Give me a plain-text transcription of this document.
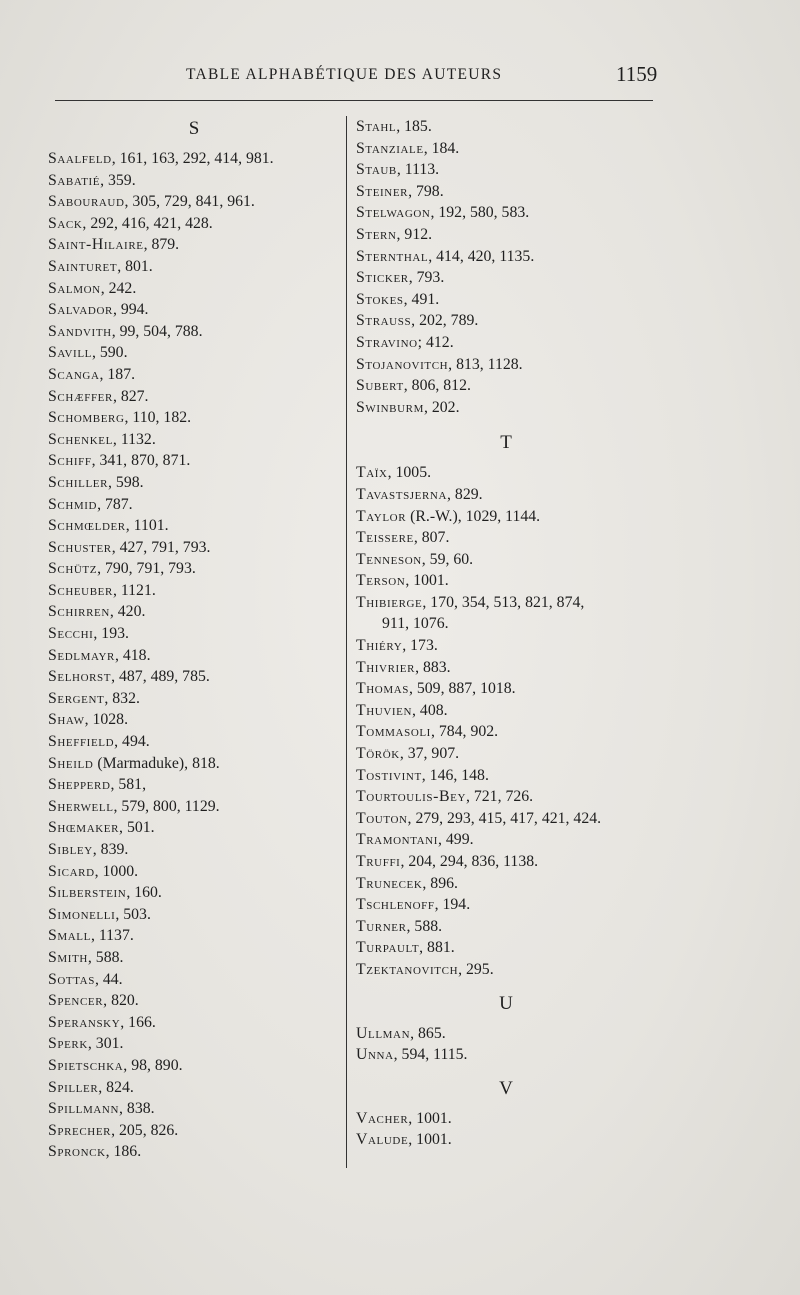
TABLE ALPHABÉTIQUE DES AUTEURS	1159
S
Saalfeld, 161, 163, 292, 414, 981.
Sabatié, 359.
Sabouraud, 305, 729, 841, 961.
Sack, 292, 416, 421, 428.
Saint-Hilaire, 879.
Sainturet, 801.
Salmon, 242.
Salvador, 994.
Sandvith, 99, 504, 788.
Savill, 590.
Scanga, 187.
Schæffer, 827.
Schomberg, 110, 182.
Schenkel, 1132.
Schiff, 341, 870, 871.
Schiller, 598.
Schmid, 787.
Schmœlder, 1101.
Schuster, 427, 791, 793.
Schütz, 790, 791, 793.
Scheuber, 1121.
Schirren, 420.
Secchi, 193.
Sedlmayr, 418.
Selhorst, 487, 489, 785.
Sergent, 832.
Shaw, 1028.
Sheffield, 494.
Sheild (Marmaduke), 818.
Shepperd, 581,
Sherwell, 579, 800, 1129.
Shœmaker, 501.
Sibley, 839.
Sicard, 1000.
Silberstein, 160.
Simonelli, 503.
Small, 1137.
Smith, 588.
Sottas, 44.
Spencer, 820.
Speransky, 166.
Sperk, 301.
Spietschka, 98, 890.
Spiller, 824.
Spillmann, 838.
Sprecher, 205, 826.
Spronck, 186.
Stahl, 185.
Stanziale, 184.
Staub, 1113.
Steiner, 798.
Stelwagon, 192, 580, 583.
Stern, 912.
Sternthal, 414, 420, 1135.
Sticker, 793.
Stokes, 491.
Strauss, 202, 789.
Stravino; 412.
Stojanovitch, 813, 1128.
Subert, 806, 812.
Swinburm, 202.
T
Taïx, 1005.
Tavastsjerna, 829.
Taylor (R.-W.), 1029, 1144.
Teissere, 807.
Tenneson, 59, 60.
Terson, 1001.
Thibierge, 170, 354, 513, 821, 874,
911, 1076.
Thiéry, 173.
Thivrier, 883.
Thomas, 509, 887, 1018.
Thuvien, 408.
Tommasoli, 784, 902.
Török, 37, 907.
Tostivint, 146, 148.
Tourtoulis-Bey, 721, 726.
Touton, 279, 293, 415, 417, 421, 424.
Tramontani, 499.
Truffi, 204, 294, 836, 1138.
Trunecek, 896.
Tschlenoff, 194.
Turner, 588.
Turpault, 881.
Tzektanovitch, 295.
U
Ullman, 865.
Unna, 594, 1115.
V
Vacher, 1001.
Valude, 1001.
